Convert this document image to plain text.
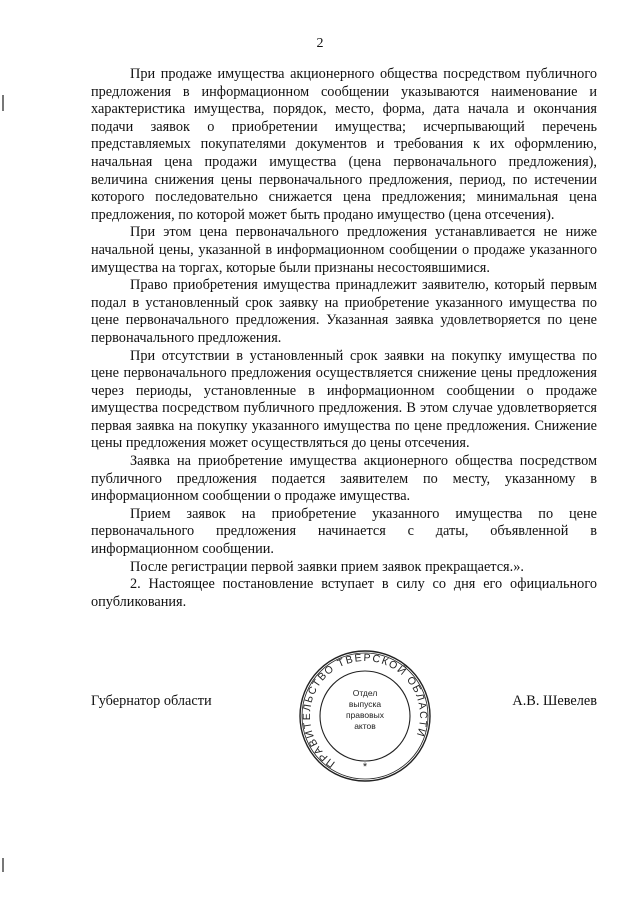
2

При продаже имущества акционерного общества посредством публичного предложения в информационном сообщении указываются наименование и характеристика имущества, порядок, место, форма, дата начала и окончания подачи заявок о приобретении имущества; исчерпывающий перечень представляемых покупателями документов и требования к их оформлению, начальная цена продажи имущества (цена первоначального предложения), величина снижения цены первоначального предложения, период, по истечении которого последовательно снижается цена предложения; минимальная цена предложения, по которой может быть продано имущество (цена отсечения).

При этом цена первоначального предложения устанавливается не ниже начальной цены, указанной в информационном сообщении о продаже указанного имущества на торгах, которые были признаны несостоявшимися.

Право приобретения имущества принадлежит заявителю, который первым подал в установленный срок заявку на приобретение указанного имущества по цене первоначального предложения. Указанная заявка удовлетворяется по цене первоначального предложения.

При отсутствии в установленный срок заявки на покупку имущества по цене первоначального предложения осуществляется снижение цены предложения через периоды, установленные в информационном сообщении о продаже имущества посредством публичного предложения. В этом случае удовлетворяется первая заявка на покупку указанного имущества по цене предложения. Снижение цены предложения может осуществляться до цены отсечения.

Заявка на приобретение имущества акционерного общества посредством публичного предложения подается заявителем по месту, указанному в информационном сообщении о продаже имущества.

Прием заявок на приобретение указанного имущества по цене первоначального предложения начинается с даты, объявленной в информационном сообщении.

После регистрации первой заявки прием заявок прекращается.».

2. Настоящее постановление вступает в силу со дня его официального опубликования.

Губернатор области	А.В. Шевелев
ПРАВИТЕЛЬСТВО ТВЕРСКОЙ ОБЛАСТИ
*
Отдел
выпуска
правовых
актов
